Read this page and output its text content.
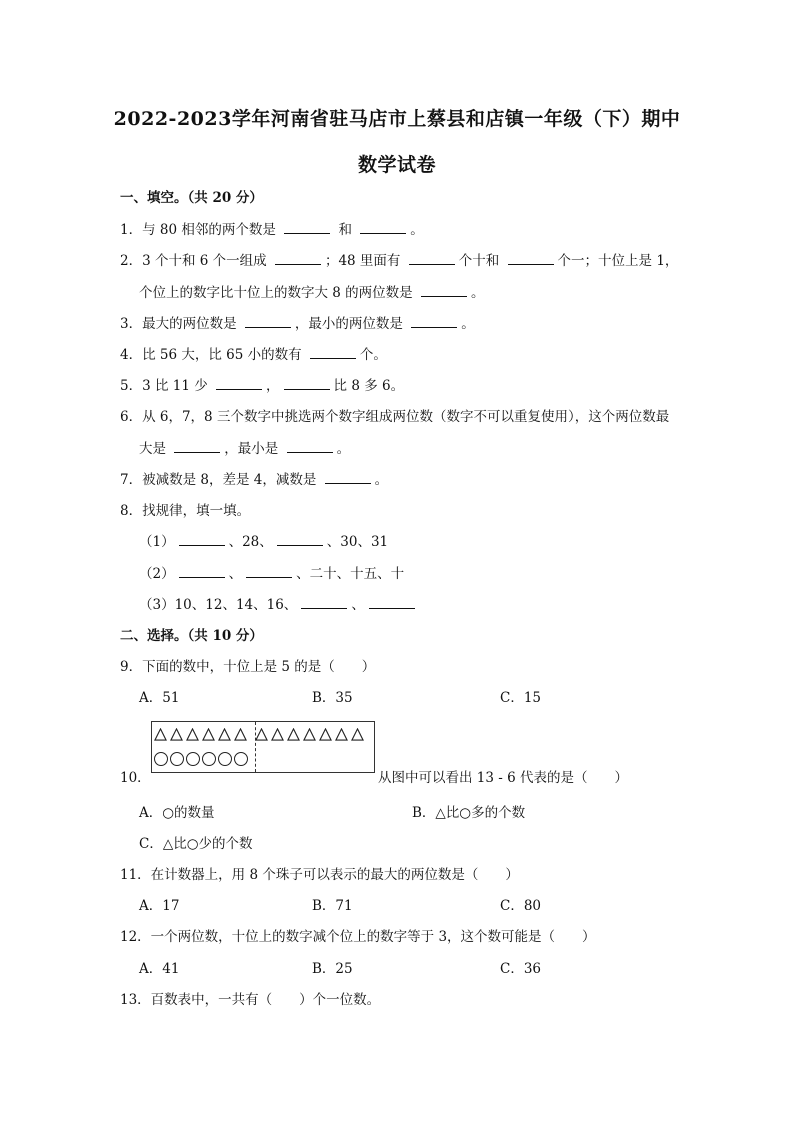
2022-2023学年河南省驻马店市上蔡县和店镇一年级（下）期中
数学试卷
一、填空。（共 20 分）
1．与 80 相邻的两个数是	和	。
2．3 个十和 6 个一组成	；48 里面有	个十和	个一；十位上是 1，
个位上的数字比十位上的数字大 8 的两位数是	。
3．最大的两位数是	，最小的两位数是	。
4．比 56 大，比 65 小的数有	个。
5．3 比 11 少	，	比 8 多 6。
6．从 6，7，8 三个数字中挑选两个数字组成两位数（数字不可以重复使用），这个两位数最
大是	，最小是	。
7．被减数是 8，差是 4，减数是	。
8．找规律，填一填。
（1）	、28、	、30、31
（2）	、	、二十、十五、十
（3）10、12、14、16、	、
二、选择。（共 10 分）
9．下面的数中，十位上是 5 的是（　　）
A．51	B．35	C．15
10．	从图中可以看出 13 - 6 代表的是（　　）
A．○的数量	B．△比○多的个数
C．△比○少的个数
11．在计数器上，用 8 个珠子可以表示的最大的两位数是（　　）
A．17	B．71	C．80
12．一个两位数，十位上的数字减个位上的数字等于 3，这个数可能是（　　）
A．41	B．25	C．36
13．百数表中，一共有（　　）个一位数。
